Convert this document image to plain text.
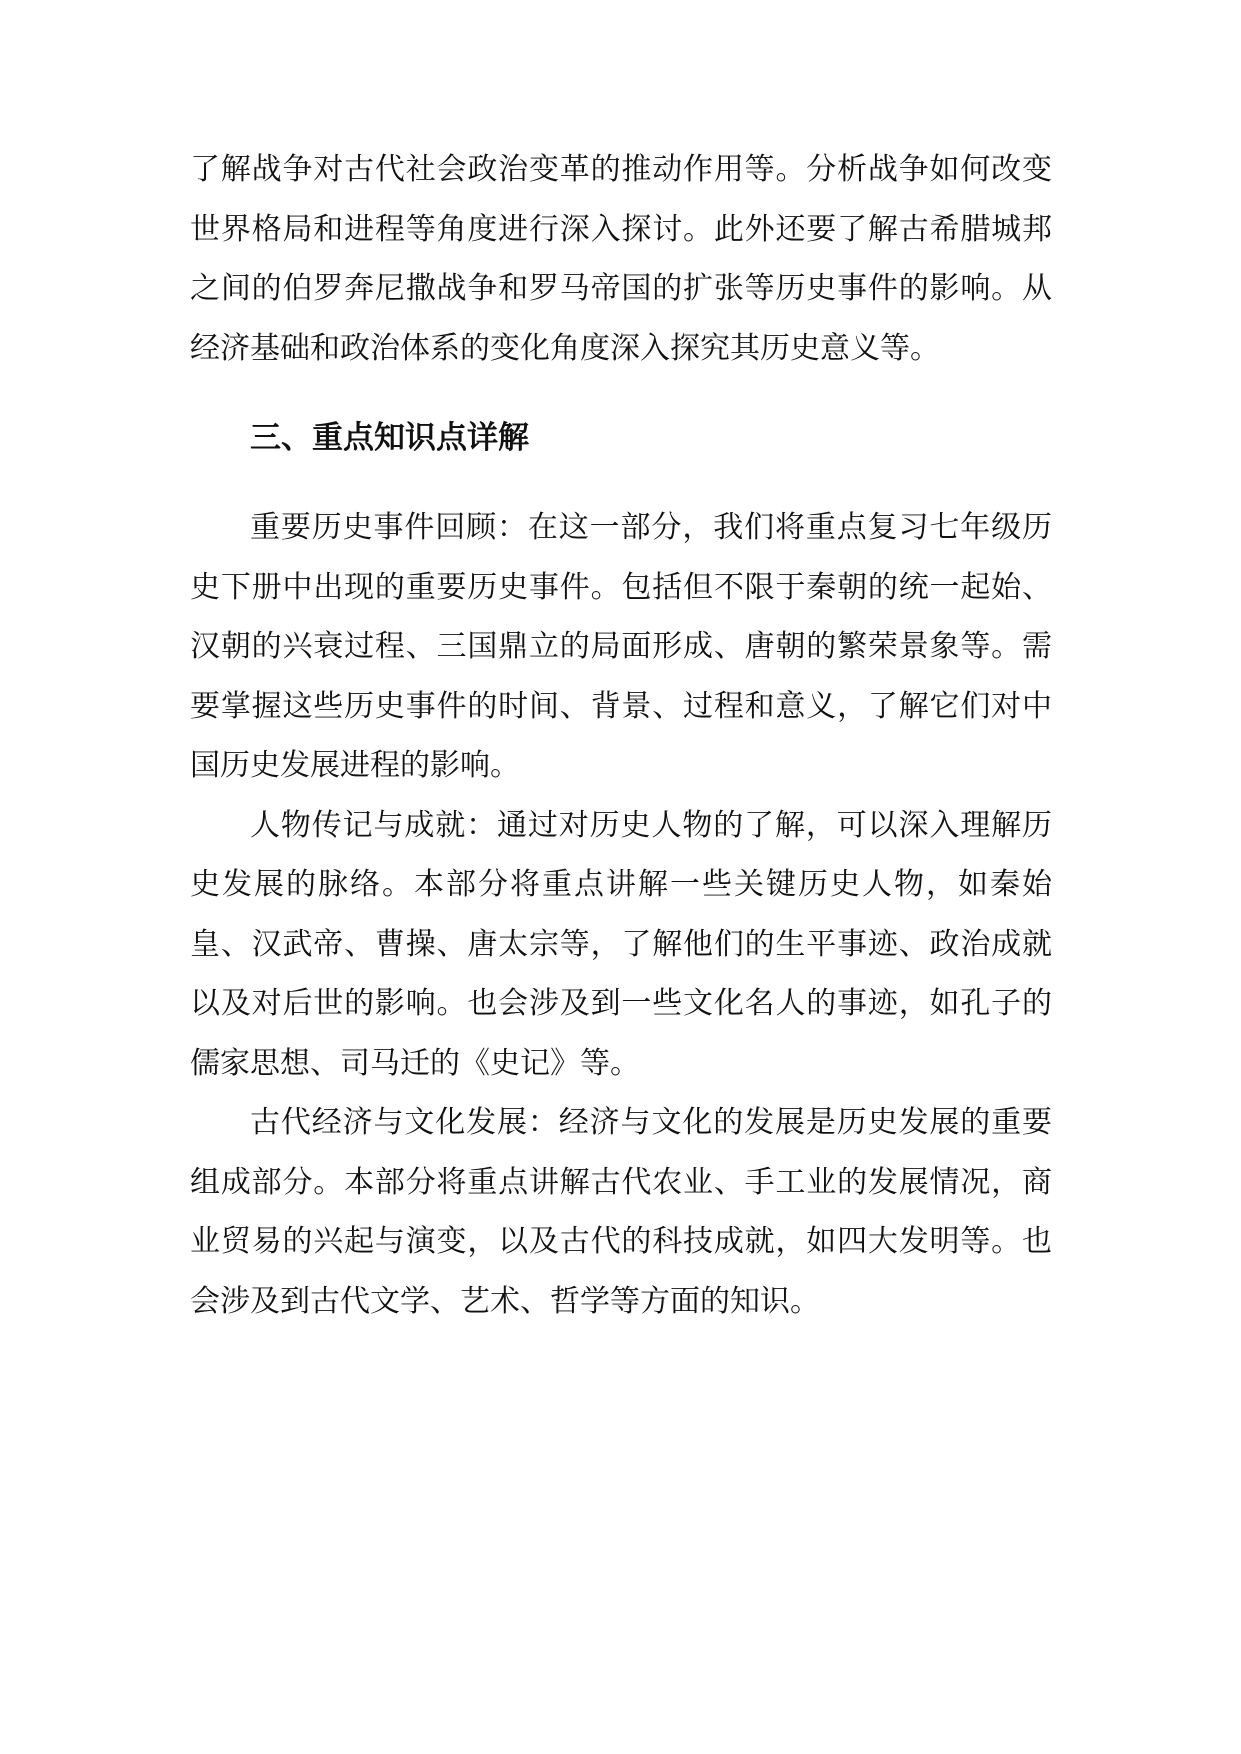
了解战争对古代社会政治变革的推动作用等。分析战争如何改变世界格局和进程等角度进行深入探讨。此外还要了解古希腊城邦之间的伯罗奔尼撒战争和罗马帝国的扩张等历史事件的影响。从经济基础和政治体系的变化角度深入探究其历史意义等。

三、重点知识点详解

重要历史事件回顾：在这一部分，我们将重点复习七年级历史下册中出现的重要历史事件。包括但不限于秦朝的统一起始、汉朝的兴衰过程、三国鼎立的局面形成、唐朝的繁荣景象等。需要掌握这些历史事件的时间、背景、过程和意义，了解它们对中国历史发展进程的影响。

人物传记与成就：通过对历史人物的了解，可以深入理解历史发展的脉络。本部分将重点讲解一些关键历史人物，如秦始皇、汉武帝、曹操、唐太宗等，了解他们的生平事迹、政治成就以及对后世的影响。也会涉及到一些文化名人的事迹，如孔子的儒家思想、司马迁的《史记》等。

古代经济与文化发展：经济与文化的发展是历史发展的重要组成部分。本部分将重点讲解古代农业、手工业的发展情况，商业贸易的兴起与演变，以及古代的科技成就，如四大发明等。也会涉及到古代文学、艺术、哲学等方面的知识。
